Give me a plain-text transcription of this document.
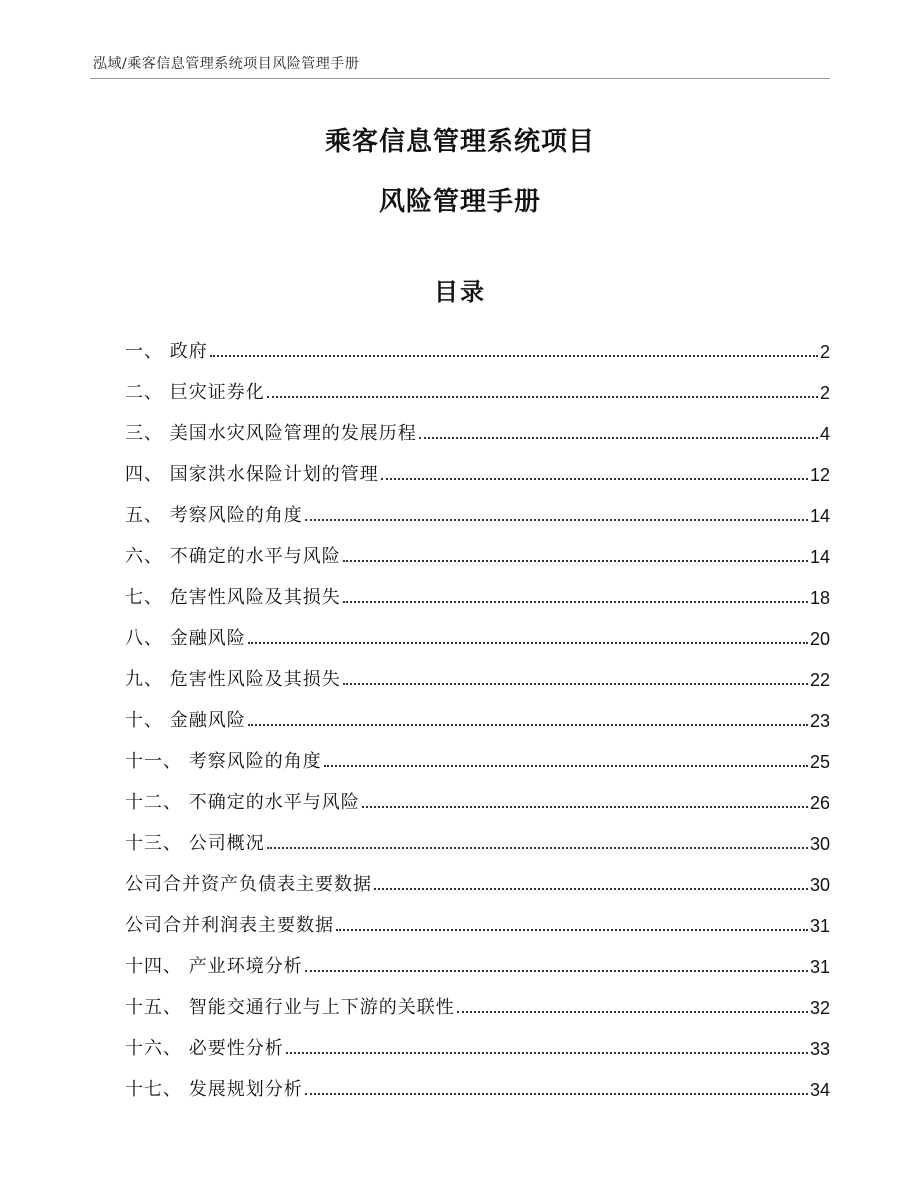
泓域/乘客信息管理系统项目风险管理手册
乘客信息管理系统项目
风险管理手册
目录
一、 政府	2
二、 巨灾证券化	2
三、 美国水灾风险管理的发展历程	4
四、 国家洪水保险计划的管理	12
五、 考察风险的角度	14
六、 不确定的水平与风险	14
七、 危害性风险及其损失	18
八、 金融风险	20
九、 危害性风险及其损失	22
十、 金融风险	23
十一、 考察风险的角度	25
十二、 不确定的水平与风险	26
十三、 公司概况	30
公司合并资产负债表主要数据	30
公司合并利润表主要数据	31
十四、 产业环境分析	31
十五、 智能交通行业与上下游的关联性	32
十六、 必要性分析	33
十七、 发展规划分析	34
